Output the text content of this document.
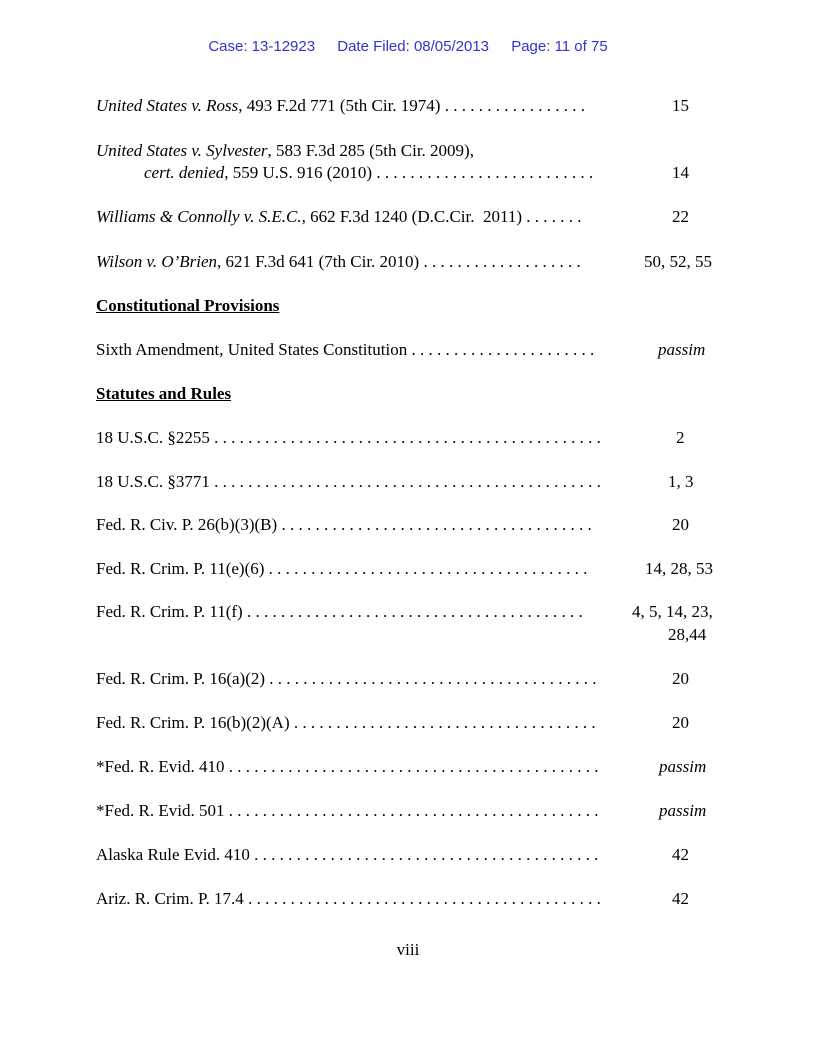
Case: 13-12923 Date Filed: 08/05/2013 Page: 11 of 75
United States v. Ross, 493 F.2d 771 (5th Cir. 1974) . . . . . . . . . . . . . . . . .	15
United States v. Sylvester, 583 F.3d 285 (5th Cir. 2009),
cert. denied, 559 U.S. 916 (2010) . . . . . . . . . . . . . . . . . . . . . . . . . .	14
Williams & Connolly v. S.E.C., 662 F.3d 1240 (D.C.Cir.  2011) . . . . . . .	22
Wilson v. O’Brien, 621 F.3d 641 (7th Cir. 2010) . . . . . . . . . . . . . . . . . . .	50, 52, 55
Constitutional Provisions
Sixth Amendment, United States Constitution . . . . . . . . . . . . . . . . . . . . . .	passim
Statutes and Rules
18 U.S.C. §2255 . . . . . . . . . . . . . . . . . . . . . . . . . . . . . . . . . . . . . . . . . . . . . .	2
18 U.S.C. §3771 . . . . . . . . . . . . . . . . . . . . . . . . . . . . . . . . . . . . . . . . . . . . . .	1, 3
Fed. R. Civ. P. 26(b)(3)(B) . . . . . . . . . . . . . . . . . . . . . . . . . . . . . . . . . . . . .	20
Fed. R. Crim. P. 11(e)(6) . . . . . . . . . . . . . . . . . . . . . . . . . . . . . . . . . . . . . .	14, 28, 53
Fed. R. Crim. P. 11(f) . . . . . . . . . . . . . . . . . . . . . . . . . . . . . . . . . . . . . . . .	4, 5, 14, 23,
28,44
Fed. R. Crim. P. 16(a)(2) . . . . . . . . . . . . . . . . . . . . . . . . . . . . . . . . . . . . . . .	20
Fed. R. Crim. P. 16(b)(2)(A) . . . . . . . . . . . . . . . . . . . . . . . . . . . . . . . . . . . .	20
*Fed. R. Evid. 410 . . . . . . . . . . . . . . . . . . . . . . . . . . . . . . . . . . . . . . . . . . . .	passim
*Fed. R. Evid. 501 . . . . . . . . . . . . . . . . . . . . . . . . . . . . . . . . . . . . . . . . . . . .	passim
Alaska Rule Evid. 410 . . . . . . . . . . . . . . . . . . . . . . . . . . . . . . . . . . . . . . . . .	42
Ariz. R. Crim. P. 17.4 . . . . . . . . . . . . . . . . . . . . . . . . . . . . . . . . . . . . . . . . . .	42
viii
